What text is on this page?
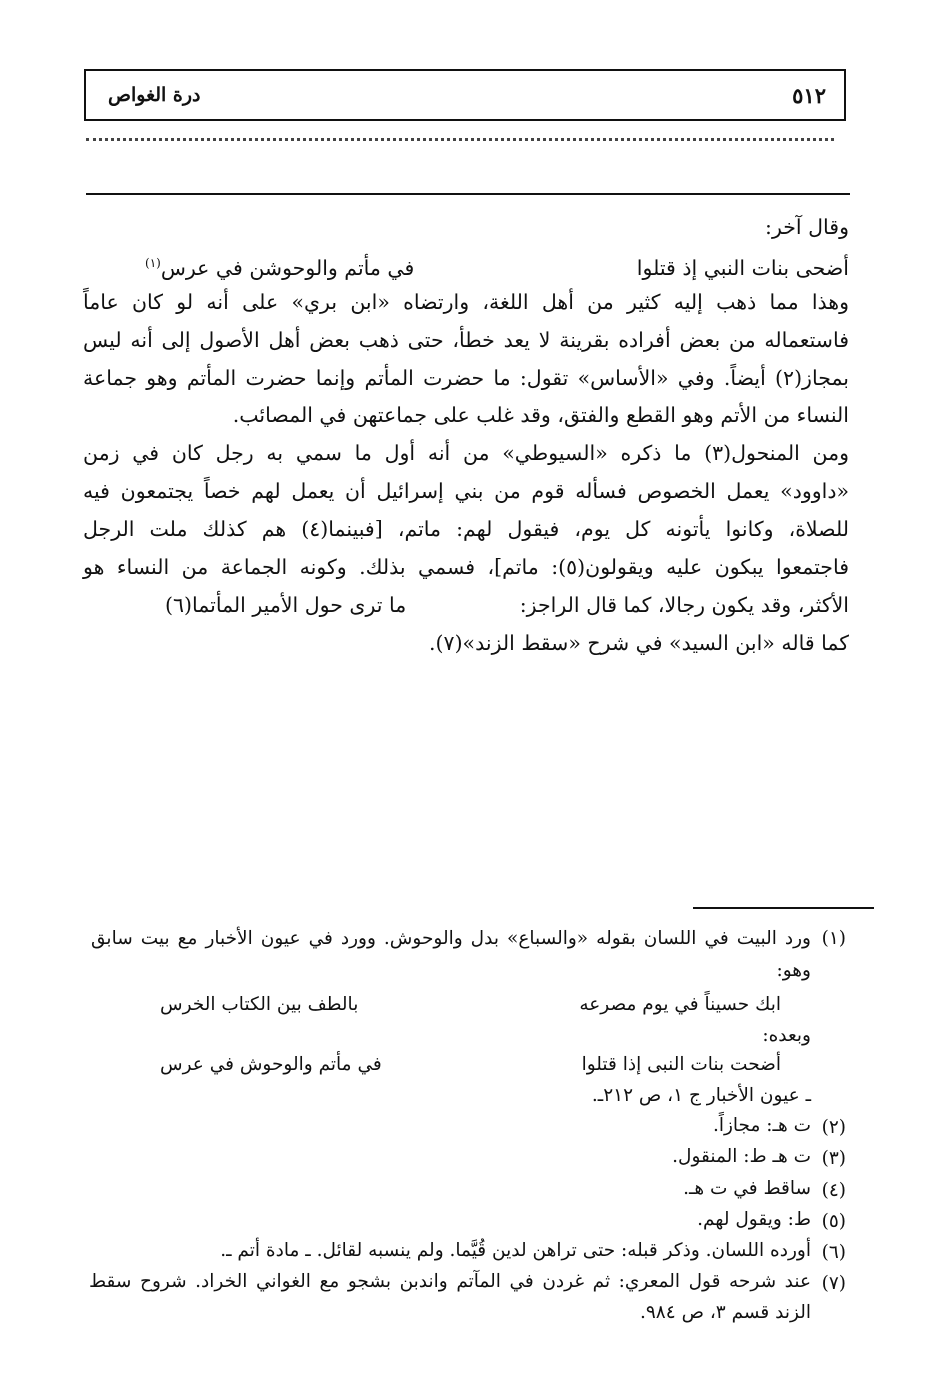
٥١٢
درة الغواص
وقال آخر:
أضحى بنات النبي إذ قتلوا
في مأتم والوحوشن في عرس$^{(١)}$
وهذا مما ذهب إليه كثير من أهل اللغة، وارتضاه «ابن بري» على أنه لو كان عاماً
فاستعماله من بعض أفراده بقرينة لا يعد خطأ، حتى ذهب بعض أهل الأصول إلى أنه ليس
بمجاز(٢) أيضاً. وفي «الأساس» تقول: ما حضرت المأتم وإنما حضرت المأتم وهو جماعة
النساء من الأتم وهو القطع والفتق، وقد غلب على جماعتهن في المصائب.
ومن المنحول(٣) ما ذكره «السيوطي» من أنه أول ما سمي به رجل كان في زمن
«داوود» يعمل الخصوص فسأله قوم من بني إسرائيل أن يعمل لهم خصاً يجتمعون فيه
للصلاة، وكانوا يأتونه كل يوم، فيقول لهم: ماتم، [فبينما(٤) هم كذلك ملت الرجل
فاجتمعوا يبكون عليه ويقولون(٥): ماتم]، فسمي بذلك. وكونه الجماعة من النساء هو
الأكثر، وقد يكون رجالا، كما قال الراجز:
ما ترى حول الأمير المأتما(٦)
كما قاله «ابن السيد» في شرح «سقط الزند»(٧).
(١)
ورد البيت في اللسان بقوله «والسباع» بدل والوحوش. وورد في عيون الأخبار مع بيت سابق
وهو:
ابك حسيناً في يوم مصرعه
بالطف بين الكتاب الخرس
وبعده:
أضحت بنات النبى إذا قتلوا
في مأتم والوحوش في عرس
ـ عيون الأخبار ج ١، ص ٢١٢ـ.
(٢)
ت هـ: مجازاً.
(٣)
ت هـ ط: المنقول.
(٤)
ساقط في ت هـ.
(٥)
ط: ويقول لهم.
(٦)
أورده اللسان. وذكر قبله: حتى تراهن لدين قُيَّما. ولم ينسبه لقائل. ـ مادة أتم ـ.
(٧)
عند شرحه قول المعري: ثم غردن في المآتم واندبن بشجو مع الغواني الخراد. شروح سقط
الزند قسم ٣، ص ٩٨٤.
